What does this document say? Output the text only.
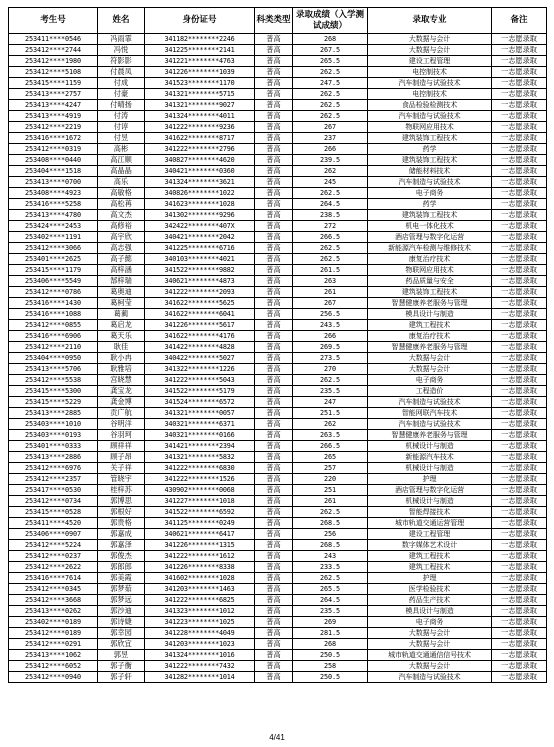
考生号	姓名	身份证号	科类类型	录取成绩（入学测试成绩）	录取专业	备注
253411****0546	冯雨霏	341182********2246	普高	268	大数据与会计	一志愿录取
253412****2744	冯悦	341225********2141	普高	267.5	大数据与会计	一志愿录取
253412****1980	符影影	341221********4763	普高	265.5	建设工程管理	一志愿录取
253412****5108	付晨凤	341226********1039	普高	262.5	电控制技术	一志愿录取
253415****1159	付成	341523********1170	普高	247.5	汽车制造与试验技术	一志愿录取
253413****2757	付豪	341321********5715	普高	262.5	电控制技术	一志愿录取
253413****4247	付晴扬	341321********9027	普高	262.5	食品检验检测技术	一志愿录取
253413****4919	付涛	341324********4011	普高	262.5	汽车制造与试验技术	一志愿录取
253412****2219	付谆	341222********9236	普高	267	物联网应用技术	一志愿录取
253416****1672	付昱	341622********8717	普高	237	建筑装饰工程技术	一志愿录取
253412****0319	高彬	341222********2796	普高	266	药学	一志愿录取
253408****0440	高江顺	340827********4620	普高	239.5	建筑装饰工程技术	一志愿录取
253404****1518	高晶晶	340421********0360	普高	262	储能材料技术	一志愿录取
253413****0700	高乐	341324********3621	普高	245	汽车制造与试验技术	一志愿录取
253408****4923	高敏格	340826********1022	普高	262.5	电子商务	一志愿录取
253416****5258	高松苒	341623********1028	普高	264.5	药学	一志愿录取
253413****4780	高文杰	341302********9296	普高	238.5	建筑装饰工程技术	一志愿录取
253424****2453	高修裕	342422********407X	普高	272	机电一体化技术	一志愿录取
253402****1191	高宇欣	340421********2042	普高	266.5	酒店管理与数字化运营	一志愿录取
253412****3066	高志强	341225********6716	普高	262.5	新能源汽车检测与维修技术	一志愿录取
253401****2625	高子懿	340103********4021	普高	262.5	康复治疗技术	一志愿录取
253415****1179	高梓涵	341522********9882	普高	261.5	物联网应用技术	一志愿录取
253406****5549	郜梓瑞	340621********4873	普高	263	药品质量与安全	一志愿录取
253412****0786	葛奥迪	341222********2093	普高	261	建筑装饰工程技术	一志愿录取
253416****1430	葛柯莹	341622********5625	普高	267	智慧健康养老服务与管理	一志愿录取
253416****1088	葛蔺	341622********6041	普高	256.5	模具设计与制造	一志愿录取
253412****0855	葛启龙	341226********5617	普高	243.5	建筑工程技术	一志愿录取
253416****6906	葛天乐	341622********4176	普高	266	康复治疗技术	一志愿录取
253412****2110	耿佳	341422********4828	普高	269.5	智慧健康养老服务与管理	一志愿录取
253404****0950	耿小冉	340422********5027	普高	273.5	大数据与会计	一志愿录取
253413****5706	耿雅培	341322********1226	普高	270	大数据与会计	一志愿录取
253412****5538	宫晓慧	341222********5043	普高	262.5	电子商务	一志愿录取
253415****5300	龚宝龙	341522********5179	普高	235.5	工程造价	一志愿录取
253415****5229	龚金博	341524********6572	普高	247	汽车制造与试验技术	一志愿录取
253413****2885	贡广航	341321********0057	普高	251.5	智能网联汽车技术	一志愿录取
253403****1010	谷明洋	340321********6371	普高	262	汽车制造与试验技术	一志愿录取
253403****0193	谷羽珂	340321********0166	普高	263.5	智慧健康养老服务与管理	一志愿录取
253401****0333	顾祥祥	341421********2394	普高	266.5	机械设计与制造	一志愿录取
253413****2886	顾子昂	341321********5832	普高	265	新能源汽车技术	一志愿录取
253412****6976	关子祥	341222********6830	普高	257	机械设计与制造	一志愿录取
253412****2357	管晓宇	341222********1526	普高	220	护理	一志愿录取
253417****0530	桂梓苏	430902********0068	普高	251	酒店管理与数字化运营	一志愿录取
253412****0734	郭博思	341227********1018	普高	261	机械设计与制造	一志愿录取
253415****0528	郭根好	341522********6592	普高	262.5	智能焊接技术	一志愿录取
253411****4520	郭贵格	341125********0249	普高	268.5	城市轨道交通运营管理	一志愿录取
253406****0907	郭嘉成	340621********6417	普高	256	建设工程管理	一志愿录取
253412****5224	郭嘉泽	341226********1315	普高	268.5	数字媒体艺术设计	一志愿录取
253412****0237	郭俊杰	341222********1612	普高	243	建筑工程技术	一志愿录取
253412****2622	郭郎郎	341226********8338	普高	233.5	建筑工程技术	一志愿录取
253416****7614	郭美霞	341602********1028	普高	262.5	护理	一志愿录取
253412****0345	郭梦茹	341203********1463	普高	265.5	医学检验技术	一志愿录取
253412****3668	郭梦远	341222********6825	普高	264.5	药品生产技术	一志愿录取
253413****0262	郭沙迪	341323********1012	普高	235.5	模具设计与制造	一志愿录取
253402****0189	郭诗婕	341223********1025	普高	269	电子商务	一志愿录取
253412****0189	郭幸园	341228********4049	普高	281.5	大数据与会计	一志愿录取
253412****0291	郭欣宜	341203********1023	普高	268	大数据与会计	一志愿录取
253413****1062	郭昱	341324********1016	普高	250.5	城市轨道交通通信信号技术	一志愿录取
253412****6052	郭子衡	341222********7432	普高	258	大数据与会计	一志愿录取
253412****0940	郭子轩	341282********1014	普高	250.5	汽车制造与试验技术	一志愿录取
4/41
